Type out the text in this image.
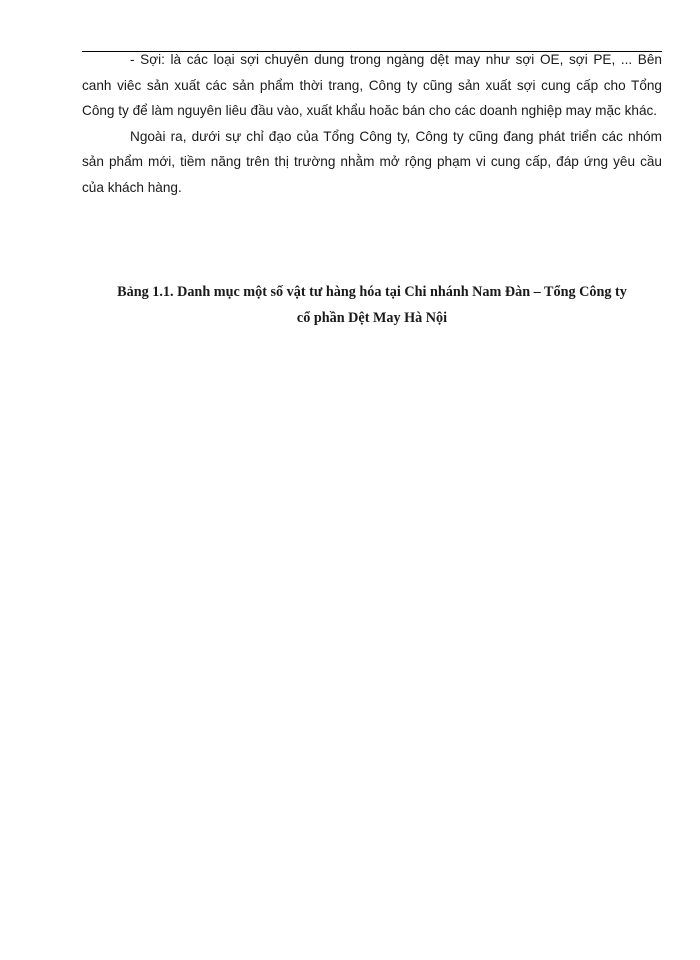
- Sợi: là các loại sợi chuyên dung trong ngàng dệt may như sợi OE, sợi PE, ... Bên canh viêc sản xuất các sản phẩm thời trang, Công ty cũng sản xuất sợi cung cấp cho Tổng Công ty để làm nguyên liêu đầu vào, xuất khẩu hoăc bán cho các doanh nghiệp may mặc khác.

Ngoài ra, dưới sự chỉ đạo của Tổng Công ty, Công ty cũng đang phát triển các nhóm sản phẩm mới, tiềm năng trên thị trường nhằm mở rộng phạm vi cung cấp, đáp ứng yêu cầu của khách hàng.

Bảng 1.1. Danh mục một số vật tư hàng hóa tại Chi nhánh Nam Đàn – Tổng Công ty
cổ phần Dệt May Hà Nội
